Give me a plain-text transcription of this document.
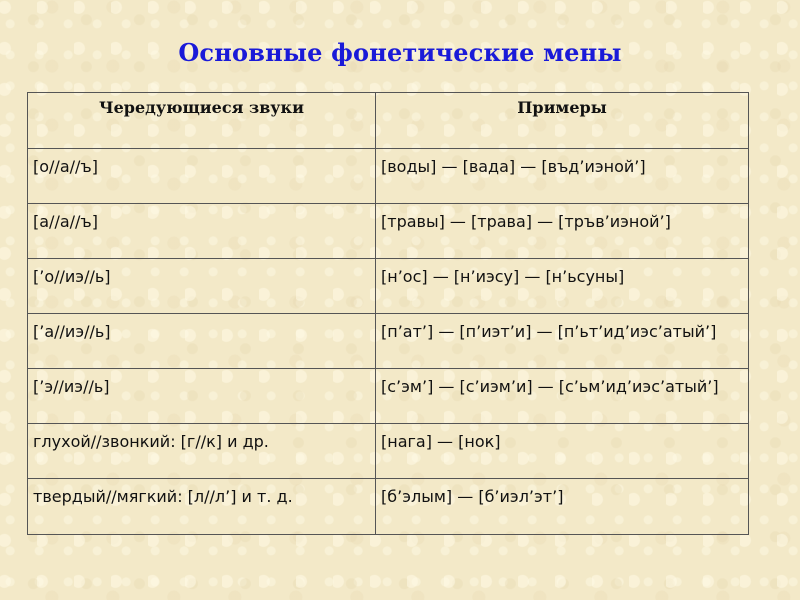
Основные фонетические мены
Чередующиеся звуки	Примеры
[о//а//ъ]	[воды] — [вада] — [въд’иэной’]
[а//а//ъ]	[травы] — [трава] — [тръв’иэной’]
[’о//иэ//ь]	[н’ос] — [н’иэсу] — [н’ьсуны]
[’а//иэ//ь]	[п’ат’] — [п’иэт’и] — [п’ьт’ид’иэс’атый’]
[’э//иэ//ь]	[с’эм’] — [с’иэм’и] — [с’ьм’ид’иэс’атый’]
глухой//звонкий: [г//к] и др.	[нага] — [нок]
твердый//мягкий: [л//л’] и т. д.	[б’элым] — [б’иэл’эт’]
